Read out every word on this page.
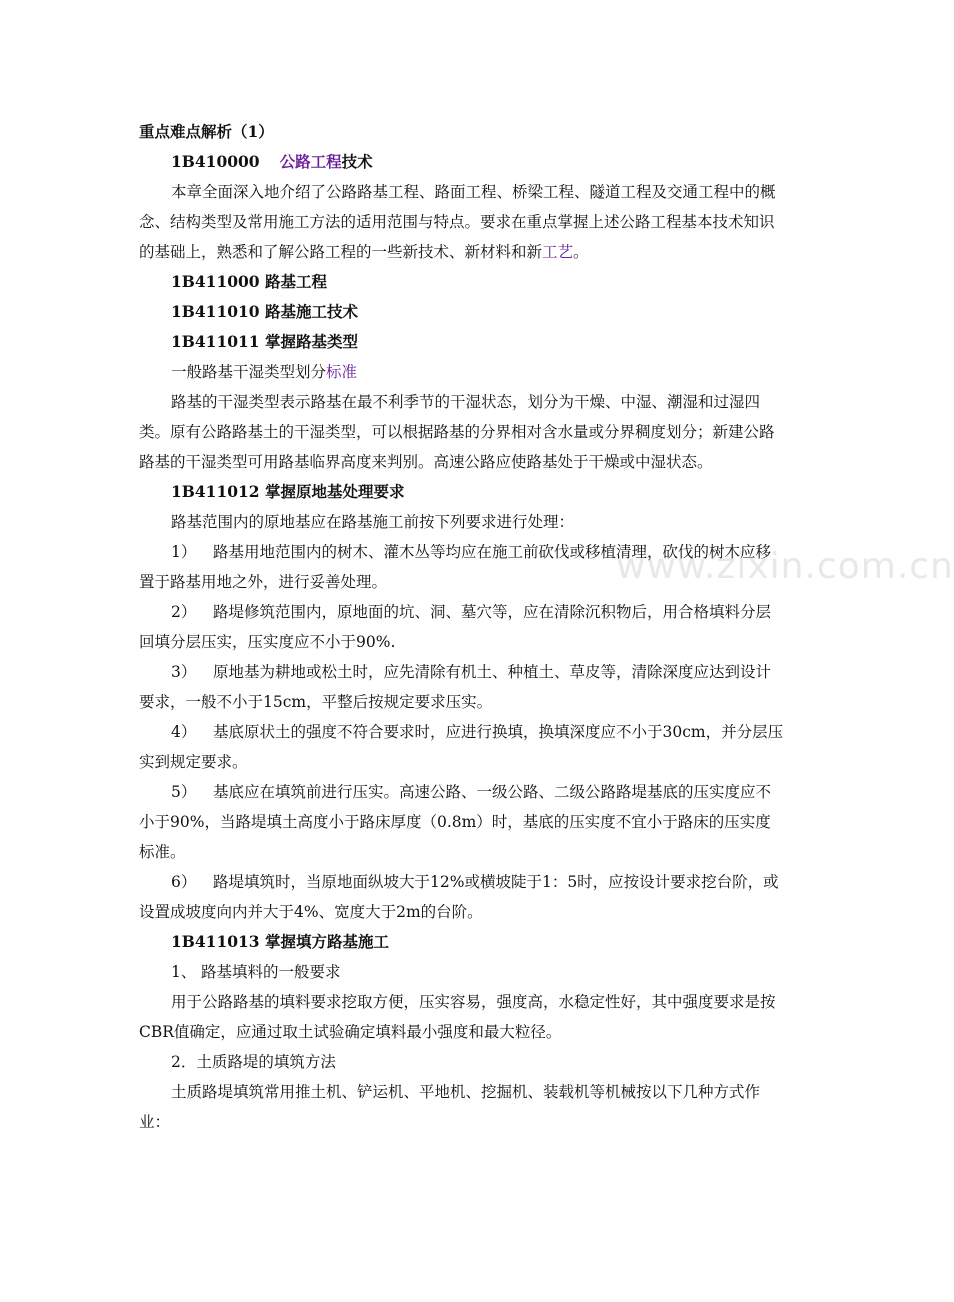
www.zixin.com.cn

重点难点解析（1）

1B410000 公路工程技术

本章全面深入地介绍了公路路基工程、路面工程、桥梁工程、隧道工程及交通工程中的概念、结构类型及常用施工方法的适用范围与特点。要求在重点掌握上述公路工程基本技术知识的基础上，熟悉和了解公路工程的一些新技术、新材料和新工艺。

1B411000 路基工程

1B411010 路基施工技术

1B411011 掌握路基类型

一般路基干湿类型划分标准

路基的干湿类型表示路基在最不利季节的干湿状态，划分为干燥、中湿、潮湿和过湿四类。原有公路路基土的干湿类型，可以根据路基的分界相对含水量或分界稠度划分；新建公路路基的干湿类型可用路基临界高度来判别。高速公路应使路基处于干燥或中湿状态。

1B411012 掌握原地基处理要求

路基范围内的原地基应在路基施工前按下列要求进行处理：

1） 路基用地范围内的树木、灌木丛等均应在施工前砍伐或移植清理，砍伐的树木应移置于路基用地之外，进行妥善处理。

2） 路堤修筑范围内，原地面的坑、洞、墓穴等，应在清除沉积物后，用合格填料分层回填分层压实，压实度应不小于90%.

3） 原地基为耕地或松土时，应先清除有机土、种植土、草皮等，清除深度应达到设计要求，一般不小于15cm，平整后按规定要求压实。

4） 基底原状土的强度不符合要求时，应进行换填，换填深度应不小于30cm，并分层压实到规定要求。

5） 基底应在填筑前进行压实。高速公路、一级公路、二级公路路堤基底的压实度应不小于90%，当路堤填土高度小于路床厚度（0.8m）时，基底的压实度不宜小于路床的压实度标准。

6） 路堤填筑时，当原地面纵坡大于12%或横坡陡于1：5时，应按设计要求挖台阶，或设置成坡度向内并大于4%、宽度大于2m的台阶。

1B411013 掌握填方路基施工

1、 路基填料的一般要求

用于公路路基的填料要求挖取方便，压实容易，强度高，水稳定性好，其中强度要求是按CBR值确定，应通过取土试验确定填料最小强度和最大粒径。

2．土质路堤的填筑方法

土质路堤填筑常用推土机、铲运机、平地机、挖掘机、装载机等机械按以下几种方式作业：
